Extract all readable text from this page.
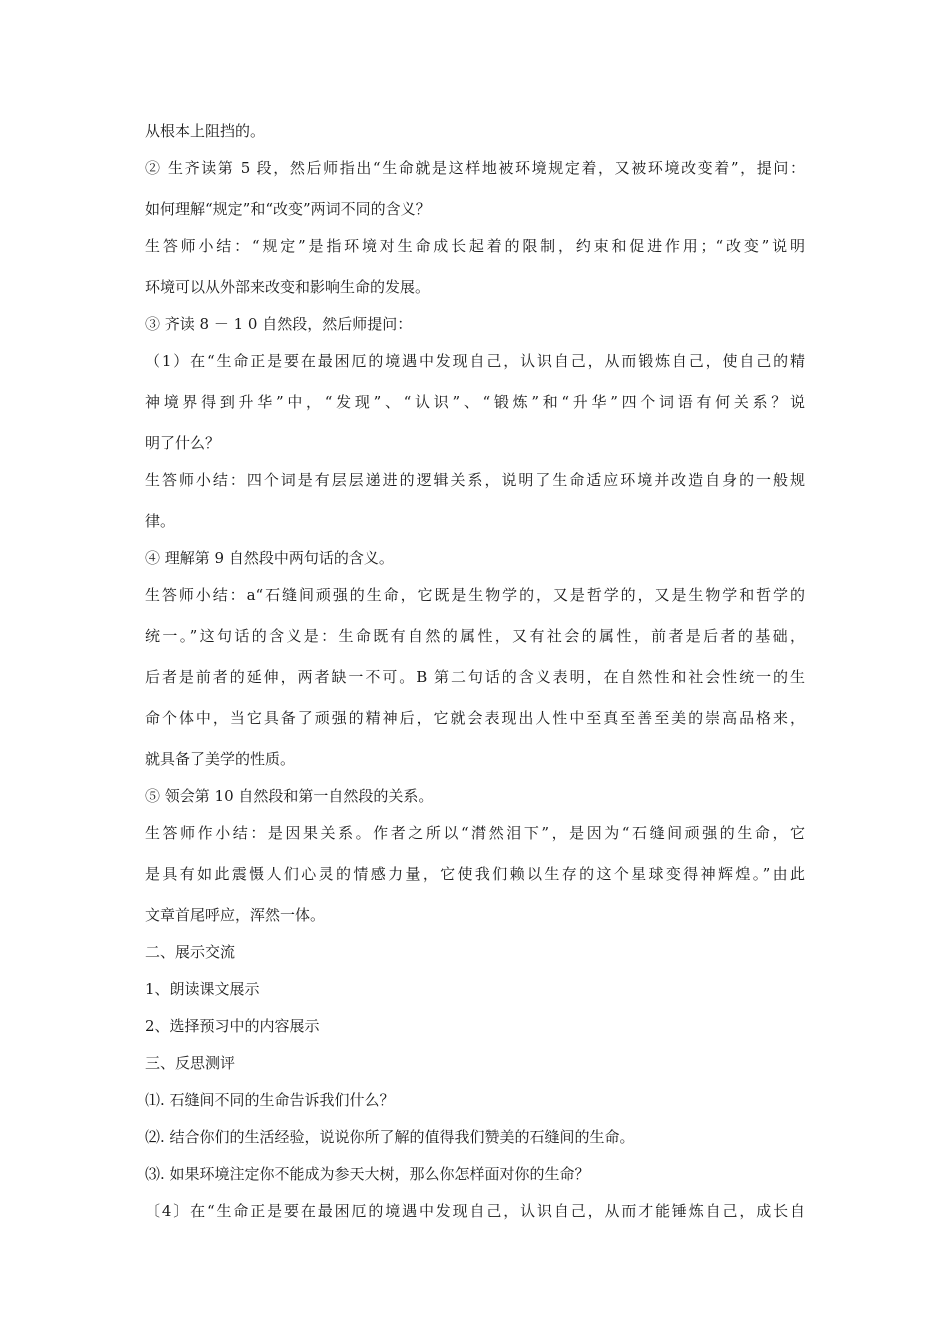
从根本上阻挡的。

② 生齐读第 5 段，然后师指出“生命就是这样地被环境规定着，又被环境改变着”，提问：

如何理解“规定”和“改变”两词不同的含义？

生答师小结：“规定”是指环境对生命成长起着的限制，约束和促进作用；“改变”说明

环境可以从外部来改变和影响生命的发展。

③ 齐读 8 － 1 0 自然段，然后师提问：

（1）在“生命正是要在最困厄的境遇中发现自己，认识自己，从而锻炼自己，使自己的精

神境界得到升华”中，“发现”、“认识”、“锻炼”和“升华”四个词语有何关系？说

明了什么？

生答师小结：四个词是有层层递进的逻辑关系，说明了生命适应环境并改造自身的一般规

律。

④ 理解第 9 自然段中两句话的含义。

生答师小结：a“石缝间顽强的生命，它既是生物学的，又是哲学的，又是生物学和哲学的

统一。”这句话的含义是：生命既有自然的属性，又有社会的属性，前者是后者的基础，

后者是前者的延伸，两者缺一不可。B 第二句话的含义表明，在自然性和社会性统一的生

命个体中，当它具备了顽强的精神后，它就会表现出人性中至真至善至美的崇高品格来，

就具备了美学的性质。

⑤ 领会第 10 自然段和第一自然段的关系。

生答师作小结：是因果关系。作者之所以“潸然泪下”，是因为“石缝间顽强的生命，它

是具有如此震慑人们心灵的情感力量，它使我们赖以生存的这个星球变得神辉煌。”由此

文章首尾呼应，浑然一体。

二、展示交流

1、朗读课文展示

2、选择预习中的内容展示

三、反思测评

⑴. 石缝间不同的生命告诉我们什么？

⑵. 结合你们的生活经验，说说你所了解的值得我们赞美的石缝间的生命。

⑶. 如果环境注定你不能成为参天大树，那么你怎样面对你的生命？

〔4〕在“生命正是要在最困厄的境遇中发现自己，认识自己，从而才能锤炼自己，成长自
